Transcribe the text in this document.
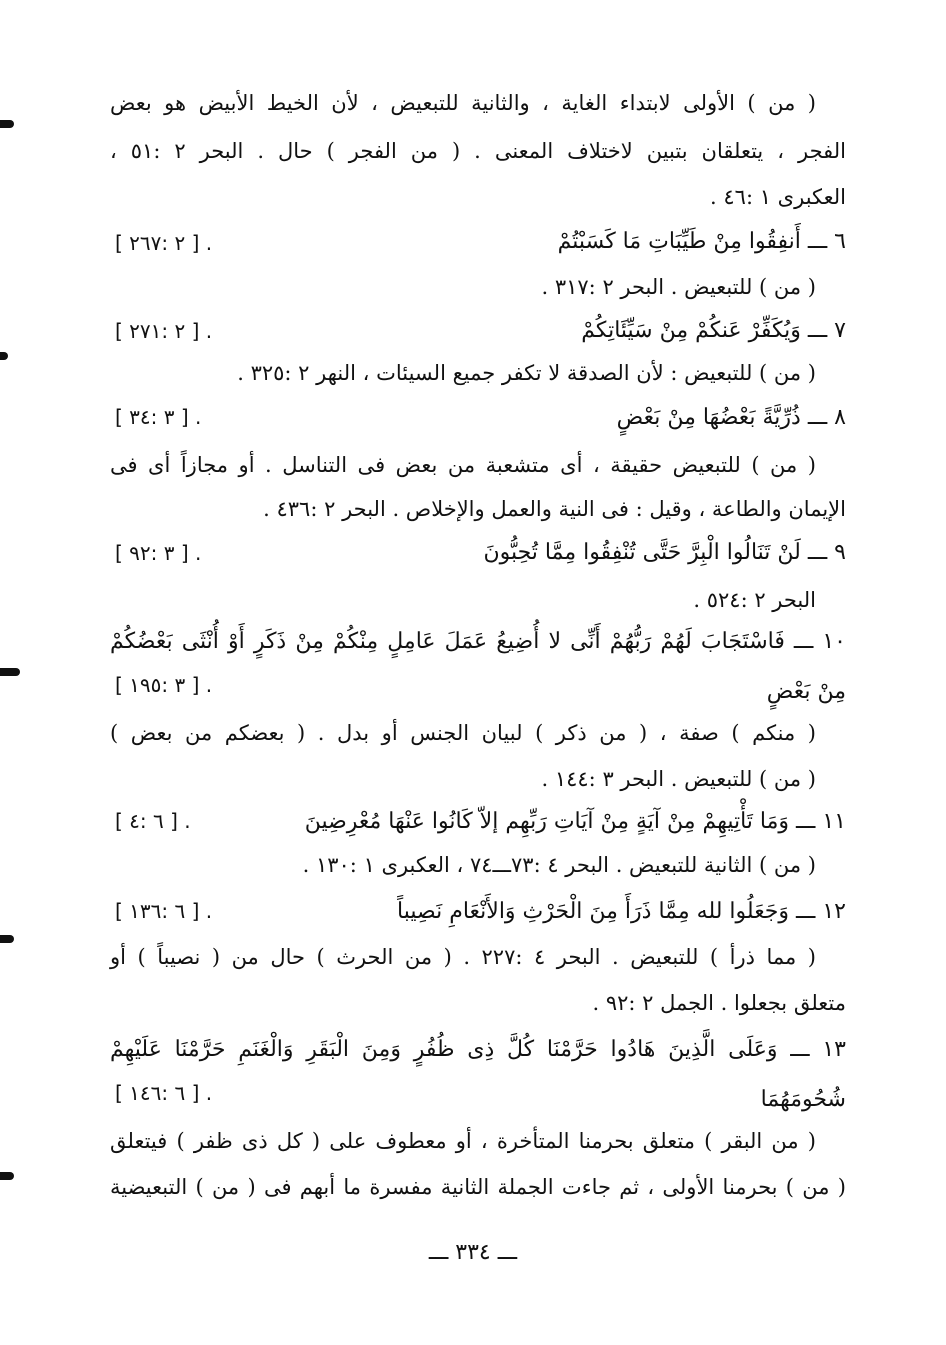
( من ) الأولى لابتداء الغاية ، والثانية للتبعيض ، لأن الخيط الأبيض هو بعض
الفجر ، يتعلقان بتبين لاختلاف المعنى . ( من الفجر ) حال . البحر ٢ :٥١ ،
العكبرى ١ :٤٦ .
٦ ـــ أَنفِقُوا مِنْ طَيِّبَاتِ مَا كَسَبْتُمْ
[ ٢ :٢٦٧ ] .
( من ) للتبعيض . البحر ٢ :٣١٧ .
٧ ـــ وَيُكَفِّرْ عَنكُمْ مِنْ سَيِّئَاتِكُمْ
[ ٢ :٢٧١ ] .
( من ) للتبعيض : لأن الصدقة لا تكفر جميع السيئات ، النهر ٢ :٣٢٥ .
٨ ـــ ذُرِّيَّةً بَعْضُهَا مِنْ بَعْضٍ
[ ٣ :٣٤ ] .
( من ) للتبعيض حقيقة ، أى متشعبة من بعض فى التناسل . أو مجازاً أى فى
الإيمان والطاعة ، وقيل : فى النية والعمل والإخلاص . البحر ٢ :٤٣٦ .
٩ ـــ لَنْ تَنَالُوا الْبِرَّ حَتَّى تُنْفِقُوا مِمَّا تُحِبُّونَ
[ ٣ :٩٢ ] .
البحر ٢ :٥٢٤ .
١٠ ـــ فَاسْتَجَابَ لَهُمْ رَبُّهُمْ أَنِّى لا أُضِيعُ عَمَلَ عَامِلٍ مِنْكُمْ مِنْ ذَكَرٍ أَوْ أُنْثَى بَعْضُكُمْ
مِنْ بَعْضٍ
[ ٣ :١٩٥ ] .
( منكم ) صفة ، ( من ذكر ) لبيان الجنس أو بدل . ( بعضكم من بعض )
( من ) للتبعيض . البحر ٣ :١٤٤ .
١١ ـــ وَمَا تَأْتِيهِمْ مِنْ آيَةٍ مِنْ آيَاتِ رَبِّهِم إلاّ كَانُوا عَنْهَا مُعْرِضِينَ
[ ٦ :٤ ] .
( من ) الثانية للتبعيض . البحر ٤ :٧٣ـــ٧٤ ، العكبرى ١ :١٣٠ .
١٢ ـــ وَجَعَلُوا لله مِمَّا ذَرَأَ مِنَ الْحَرْثِ وَالأَنْعَامِ نَصِيباً
[ ٦ :١٣٦ ] .
( مما ذرأ ) للتبعيض . البحر ٤ :٢٢٧ . ( من الحرث ) حال من ( نصيباً ) أو
متعلق بجعلوا . الجمل ٢ :٩٢ .
١٣ ـــ وَعَلَى الَّذِينَ هَادُوا حَرَّمْنَا كُلَّ ذِى ظُفُرٍ وَمِنَ الْبَقَرِ وَالْغَنَمِ حَرَّمْنَا عَلَيْهِمْ
شُحُومَهُمَا
[ ٦ :١٤٦ ] .
( من البقر ) متعلق بحرمنا المتأخرة ، أو معطوف على ( كل ذى ظفر ) فيتعلق
( من ) بحرمنا الأولى ، ثم جاءت الجملة الثانية مفسرة ما أبهم فى ( من ) التبعيضية
ـــ ٣٣٤ ـــ
